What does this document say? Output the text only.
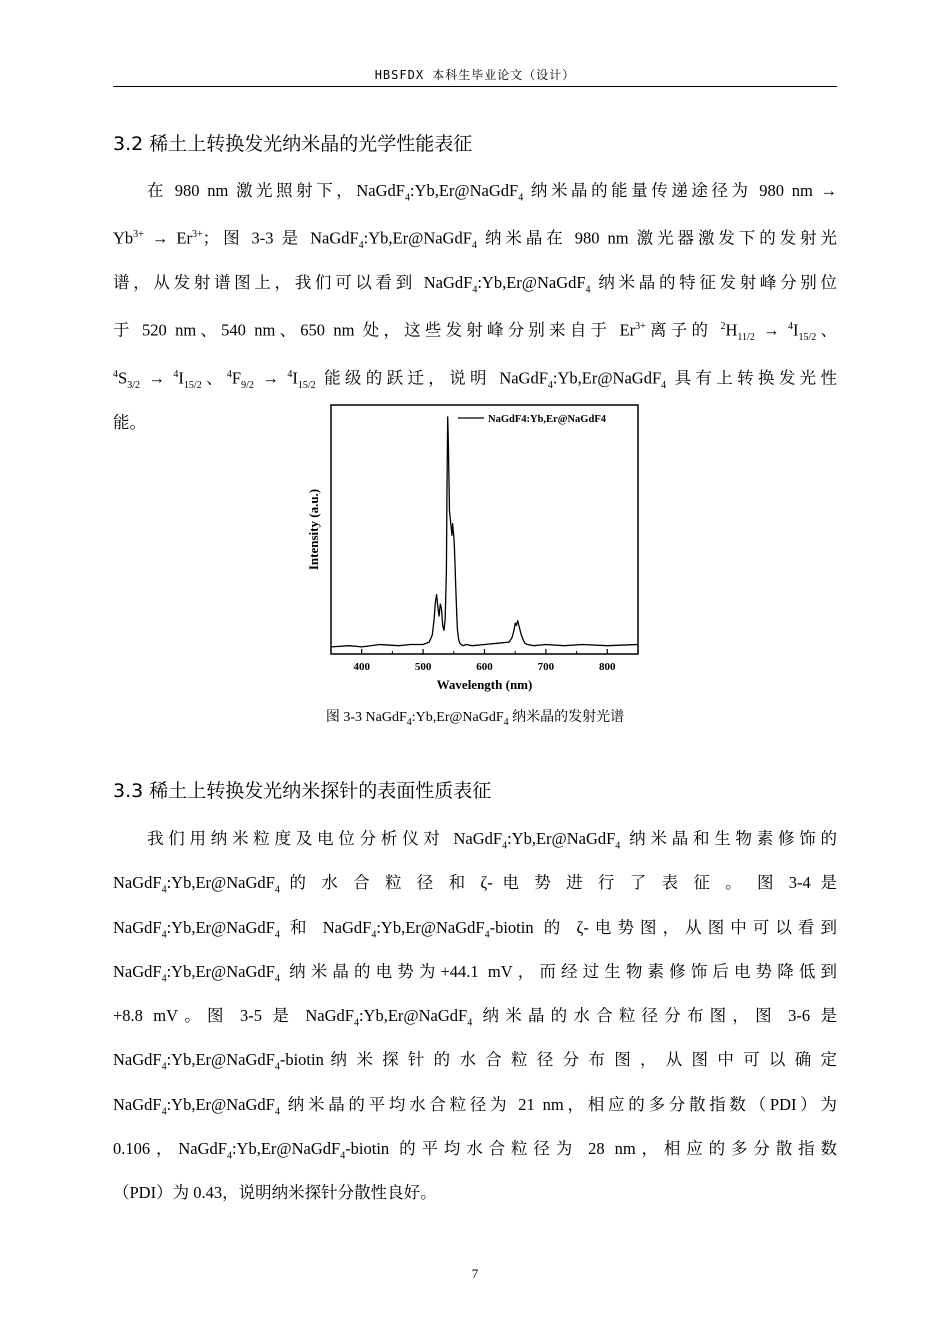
HBSFDX 本科生毕业论文（设计）
3.2 稀土上转换发光纳米晶的光学性能表征
在 980 nm 激光照射下，NaGdF$_4$:Yb,Er@NaGdF$_4$ 纳米晶的能量传递途径为 980 nm →
$Yb^{3+} \to Er^{3+}$；图 3-3 是 NaGdF$_4$:Yb,Er@NaGdF$_4$ 纳米晶在 980 nm 激光器激发下的发射光
谱，从发射谱图上，我们可以看到 NaGdF$_4$:Yb,Er@NaGdF$_4$ 纳米晶的特征发射峰分别位
于 520 nm、540 nm、650 nm 处，这些发射峰分别来自于 $Er^{3+}$离子的 $^2H_{11/2} \to ^4I_{15/2}$、
$^4S_{3/2} \to ^4I_{15/2}$、$^4F_{9/2} \to ^4I_{15/2}$ 能级的跃迁，说明 NaGdF$_4$:Yb,Er@NaGdF$_4$ 具有上转换发光性
能。
400	500	600	700	800
Wavelength (nm)
Intensity (a.u.)
NaGdF4:Yb,Er@NaGdF4
图 3-3 NaGdF$_4$:Yb,Er@NaGdF$_4$ 纳米晶的发射光谱
3.3 稀土上转换发光纳米探针的表面性质表征
我们用纳米粒度及电位分析仪对 NaGdF$_4$:Yb,Er@NaGdF$_4$ 纳米晶和生物素修饰的
NaGdF$_4$:Yb,Er@NaGdF$_4$ 的 水 合 粒 径 和 ζ- 电 势 进 行 了 表 征 。 图 3-4 是
NaGdF$_4$:Yb,Er@NaGdF$_4$ 和 NaGdF$_4$:Yb,Er@NaGdF$_4$-biotin 的 ζ-电势图，从图中可以看到
NaGdF$_4$:Yb,Er@NaGdF$_4$ 纳米晶的电势为+44.1 mV，而经过生物素修饰后电势降低到
+8.8 mV。图 3-5 是 NaGdF$_4$:Yb,Er@NaGdF$_4$ 纳米晶的水合粒径分布图，图 3-6 是
NaGdF$_4$:Yb,Er@NaGdF$_4$-biotin 纳 米 探 针 的 水 合 粒 径 分 布 图 ， 从 图 中 可 以 确 定
NaGdF$_4$:Yb,Er@NaGdF$_4$ 纳米晶的平均水合粒径为 21 nm，相应的多分散指数（PDI）为
0.106，NaGdF$_4$:Yb,Er@NaGdF$_4$-biotin 的平均水合粒径为 28 nm，相应的多分散指数
（PDI）为 0.43，说明纳米探针分散性良好。
7
